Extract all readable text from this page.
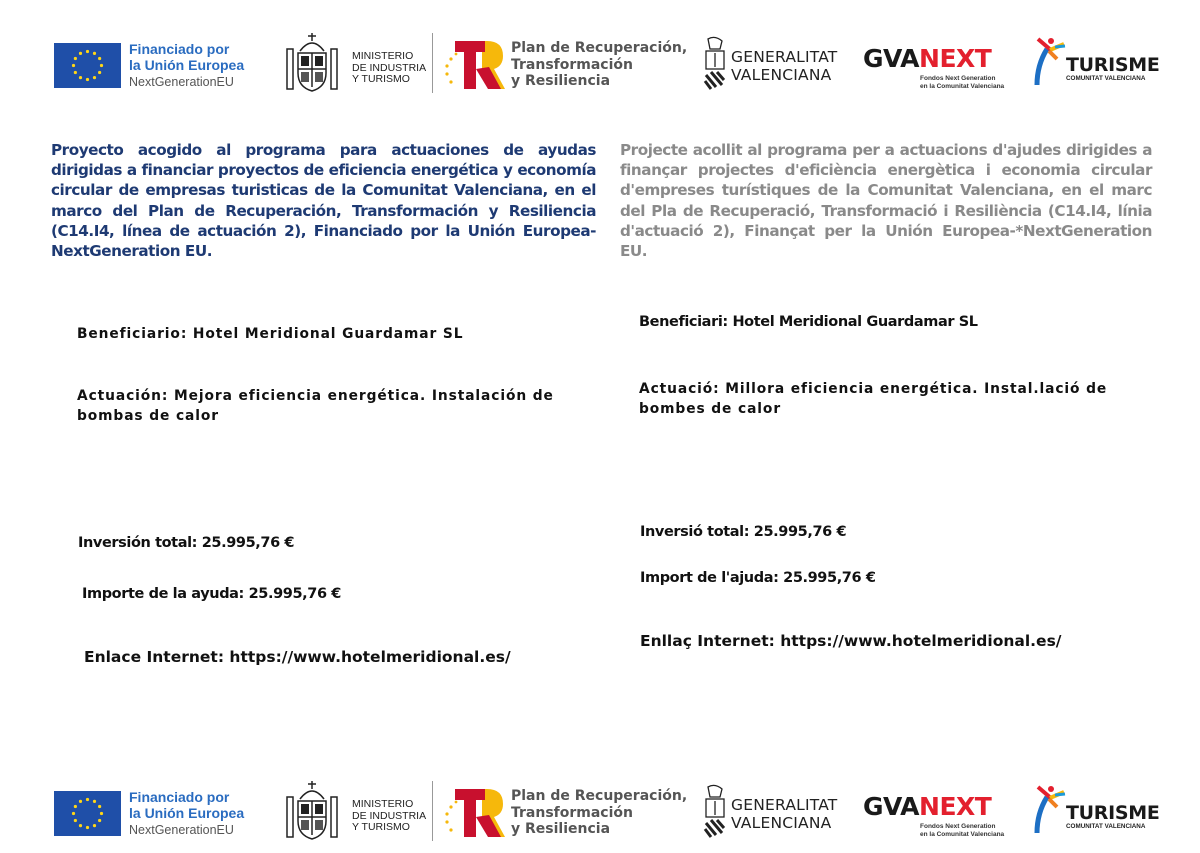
Financiado por
la Unión Europea
NextGenerationEU
MINISTERIO
DE INDUSTRIA
Y TURISMO
Plan de Recuperación,
Transformación
y Resiliencia
GENERALITAT
VALENCIANA
GVANEXT
Fondos Next Generation
en la Comunitat Valenciana
TURISME
COMUNITAT VALENCIANA

Proyecto acogido al programa para actuaciones de ayudas dirigidas a financiar proyectos de eficiencia energética y economía circular de empresas turisticas de la Comunitat Valenciana, en el marco del Plan de Recuperación, Transformación y Resiliencia (C14.I4, línea de actuación 2), Financiado por la Unión Europea-NextGeneration EU.

Projecte acollit al programa per a actuacions d'ajudes dirigides a finançar projectes d'eficiència energètica i economia circular d'empreses turístiques de la Comunitat Valenciana, en el marc del Pla de Recuperació, Transformació i Resiliència (C14.I4, línia d'actuació 2), Finançat per la Unión Europea-*NextGeneration EU.

Beneficiario: Hotel Meridional Guardamar SL
Actuación: Mejora eficiencia energética. Instalación de bombas de calor
Inversión total: 25.995,76 €
Importe de la ayuda: 25.995,76 €
Enlace Internet: https://www.hotelmeridional.es/
Beneficiari: Hotel Meridional Guardamar SL
Actuació: Millora eficiencia energética. Instal.lació de bombes de calor
Inversió total: 25.995,76 €
Import de l'ajuda: 25.995,76 €
Enllaç Internet: https://www.hotelmeridional.es/
Financiado por
la Unión Europea
NextGenerationEU
MINISTERIO
DE INDUSTRIA
Y TURISMO
Plan de Recuperación,
Transformación
y Resiliencia
GENERALITAT
VALENCIANA
GVANEXT
Fondos Next Generation
en la Comunitat Valenciana
TURISME
COMUNITAT VALENCIANA
